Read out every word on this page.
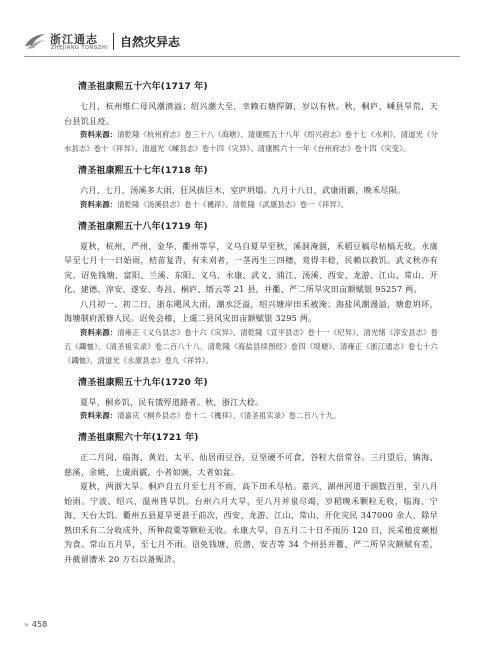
浙江通志
ZHEJIANG TONGZHI 自然灾异志
清圣祖康熙五十六年(1717 年)

七月，杭州维仁母风潮溃溢；绍兴潮大至，幸赖石塘捍御，岁以有秋。秋，桐庐、嵊县旱荒，天台县饥且疫。

资料来源：清乾隆《杭州府志》卷三十八《海塘》、清康熙五十八年《绍兴府志》卷十七《水利》、清道光《分水县志》卷十《祥异》、清道光《嵊县志》卷十四《灾异》、清康熙六十一年《台州府志》卷十四《灾变》。

清圣祖康熙五十七年(1718 年)

六月、七月，汤溪多大雨，狂风拔巨木，室庐坍塌。九月十八日，武康雨霰，晚禾尽陨。

资料来源：清乾隆《汤溪县志》卷十《禨祥》、清乾隆《武康县志》卷一《祥异》。

清圣祖康熙五十八年(1719 年)

夏秋，杭州、严州、金华、衢州等旱，义乌自夏旱至秋，溪洞淹涸，禾稻豆稿尽枯槁无收。永康旱至七月十一日始雨，桔苗复青，有未刈者，一茎再生三四穗，竟得丰稔，民赖以救饥。武义秋亦有灾。诏免钱塘、富阳、兰溪、东阳、义乌、永康、武义、浦江、汤溪、西安、龙游、江山、常山、开化、建德、淳安、遂安、寿昌、桐庐、缙云等 21 县，并衢、严二所旱灾田亩额赋银 95257 两。

八月初一、初二日，浙东飓风大雨，潮水泛溢，绍兴塘岸田禾被淹；海盐风潮漫溢，塘愈坍坏，海塘制府派修人民。诏免会稽、上虞二县风灾田亩额赋银 3295 两。

资料来源：清雍正《义乌县志》卷十六《灾异》、清乾隆《宣平县志》卷十一《纪异》、清光绪《淳安县志》卷五《蠲恤》、《清圣祖实录》卷二百八十八、清乾隆《海盐县续图经》卷四《堤塘》、清雍正《浙江通志》卷七十六《蠲恤》、清道光《永康县志》卷九《祥异》。

清圣祖康熙五十九年(1720 年)

夏旱，桐乡饥，民有饿殍道路者。秋，浙江大稔。

资料来源：清嘉庆《桐乡县志》卷十二《禨祥》、《清圣祖实录》卷二百八十九。

清圣祖康熙六十年(1721 年)

正二月间，临海、黄岩、太平、仙居雨豆谷，豆坚硬不可食，谷粒大倍常谷。三月望后，镇海、慈溪、余姚、上虞雨霰，小者如豌，大者如盆。

夏秋，两浙大旱。桐庐自五月至七月不雨，高下田禾尽枯。嘉兴、湖州河道干涸数百里，至八月始雨。宁波、绍兴、温州皆旱饥。台州六月大旱，至八月并泉尽竭，岁稻晚禾颗粒无收，临海、宁海、天台大饥。衢州五县夏旱更甚于前次，西安、龙游、江山、常山、开化灾民 347000 余人，除早熟田禾有二分收成外，所种菽粟等颗粒无收。永康大旱，自五月二十日不雨历 120 日，民采植皮蕨根为食。常山五月旱，至七月不雨。诏免钱塘、於潜、安吉等 34 个州县并衢、严二所旱灾额赋有差，并截留漕米 20 万石以备赈济。

» 458
